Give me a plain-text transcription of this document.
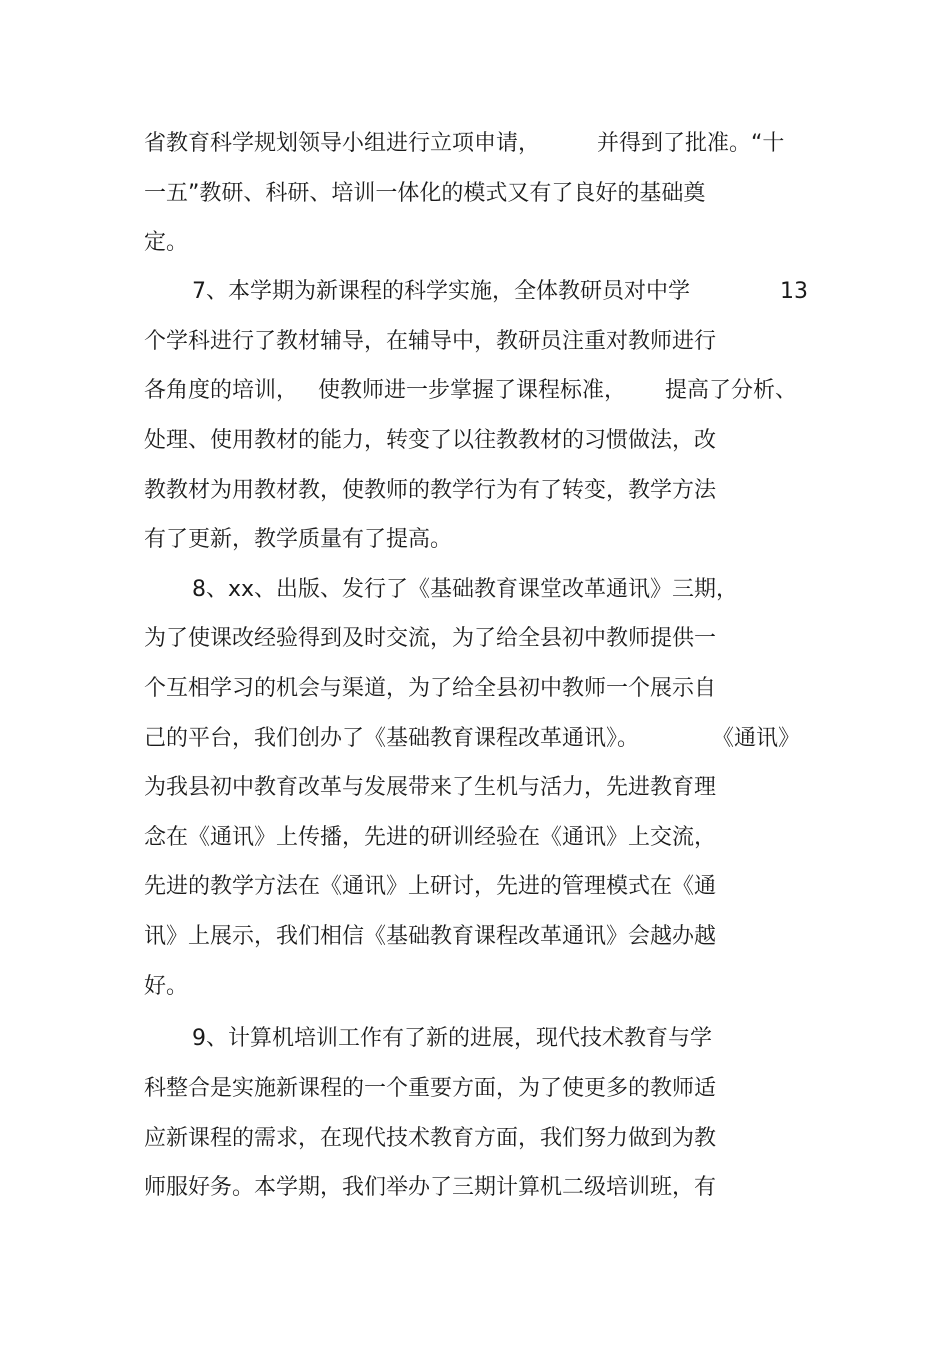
省教育科学规划领导小组进行立项申请，

	并得到了批准。“十

一五”教研、科研、培训一体化的模式又有了良好的基础奠

定。

7、本学期为新课程的科学实施，全体教研员对中学

	13

个学科进行了教材辅导，在辅导中，教研员注重对教师进行

各角度的培训，

使教师进一步掌握了课程标准，

提高了分析、

处理、使用教材的能力，转变了以往教教材的习惯做法，改

教教材为用教材教，使教师的教学行为有了转变，教学方法

有了更新，教学质量有了提高。

8、xx、出版、发行了《基础教育课堂改革通讯》三期，

为了使课改经验得到及时交流，为了给全县初中教师提供一

个互相学习的机会与渠道，为了给全县初中教师一个展示自

己的平台，我们创办了《基础教育课程改革通讯》。

	《通讯》

为我县初中教育改革与发展带来了生机与活力，先进教育理

念在《通讯》上传播，先进的研训经验在《通讯》上交流，

先进的教学方法在《通讯》上研讨，先进的管理模式在《通

讯》上展示，我们相信《基础教育课程改革通讯》会越办越

好。

9、计算机培训工作有了新的进展，现代技术教育与学

科整合是实施新课程的一个重要方面，为了使更多的教师适

应新课程的需求，在现代技术教育方面，我们努力做到为教

师服好务。本学期，我们举办了三期计算机二级培训班，有
